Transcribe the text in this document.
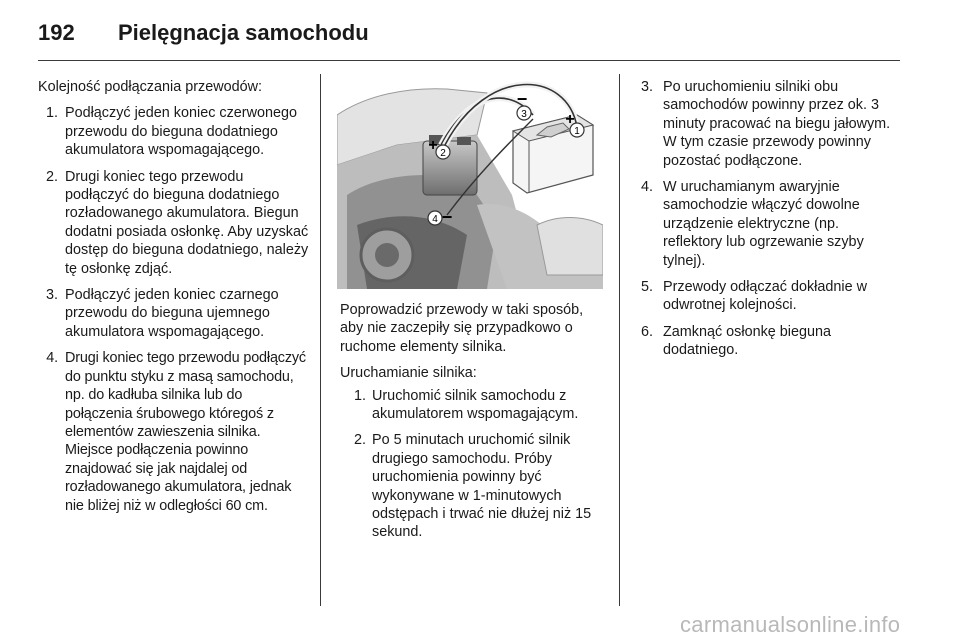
192 Pielęgnacja samochodu

Kolejność podłączania przewodów:

1. Podłączyć jeden koniec czerwonego przewodu do bieguna dodatniego akumulatora wspomagającego.
2. Drugi koniec tego przewodu podłączyć do bieguna dodatniego rozładowanego akumulatora. Biegun dodatni posiada osłonkę. Aby uzyskać dostęp do bieguna dodatniego, należy tę osłonkę zdjąć.
3. Podłączyć jeden koniec czarnego przewodu do bieguna ujemnego akumulatora wspomagającego.
4. Drugi koniec tego przewodu podłączyć do punktu styku z masą samochodu, np. do kadłuba silnika lub do połączenia śrubowego któregoś z elementów zawieszenia silnika. Miejsce podłączenia powinno znajdować się jak najdalej od rozładowanego akumulatora, jednak nie bliżej niż w odległości 60 cm.
2
+
3
−
1
+
4 −

Poprowadzić przewody w taki sposób, aby nie zaczepiły się przypadkowo o ruchome elementy silnika.

Uruchamianie silnika:

1. Uruchomić silnik samochodu z akumulatorem wspomagającym.
2. Po 5 minutach uruchomić silnik drugiego samochodu. Próby uruchomienia powinny być wykonywane w 1-minutowych odstępach i trwać nie dłużej niż 15 sekund.
3. Po uruchomieniu silniki obu samochodów powinny przez ok. 3 minuty pracować na biegu jałowym. W tym czasie przewody powinny pozostać podłączone.
4. W uruchamianym awaryjnie samochodzie włączyć dowolne urządzenie elektryczne (np. reflektory lub ogrzewanie szyby tylnej).
5. Przewody odłączać dokładnie w odwrotnej kolejności.
6. Zamknąć osłonkę bieguna dodatniego.
carmanualsonline.info
